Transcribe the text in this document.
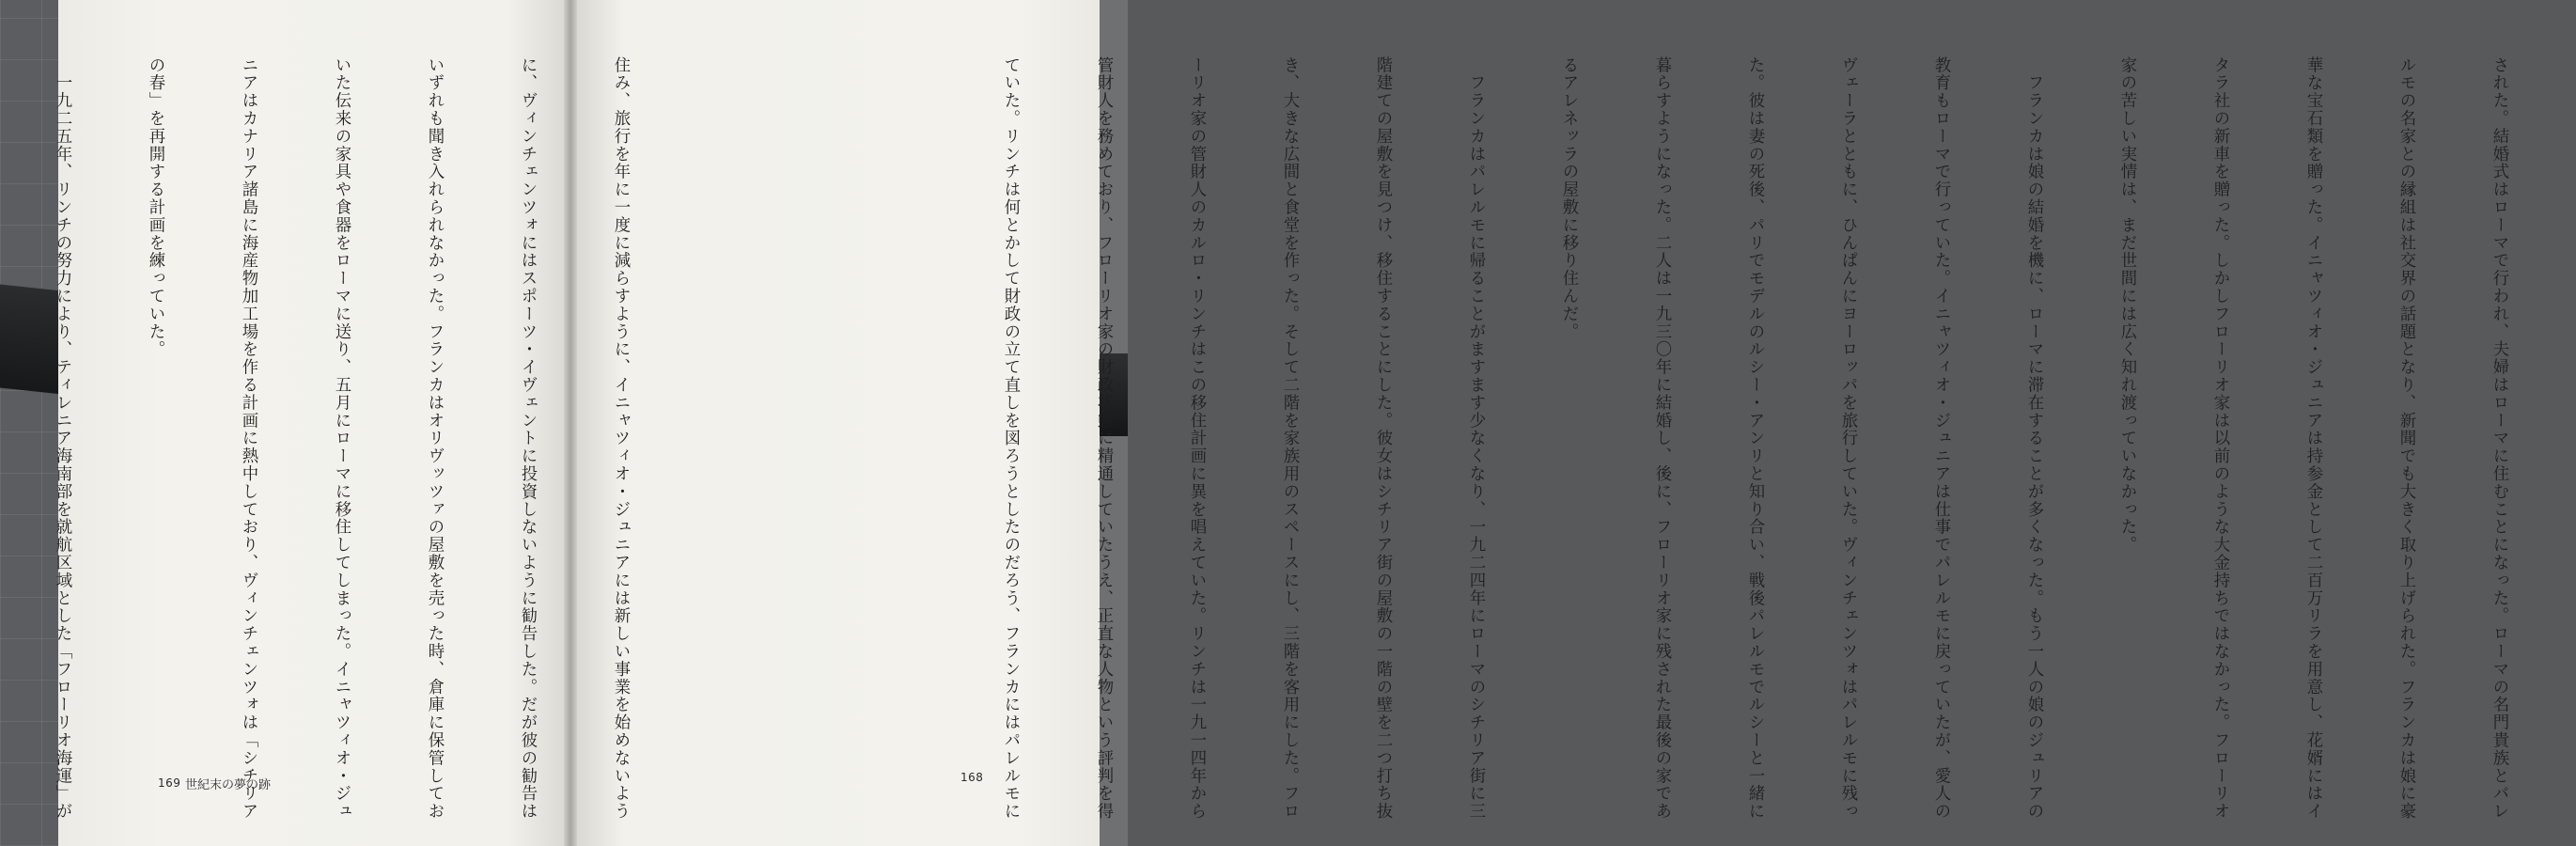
された。結婚式はローマで行われ、夫婦はローマに住むことになった。ローマの名門貴族とパレ

ルモの名家との縁組は社交界の話題となり、新聞でも大きく取り上げられた。フランカは娘に豪

華な宝石類を贈った。イニャツィオ・ジュニアは持参金として二百万リラを用意し、花婿にはイ

タラ社の新車を贈った。しかしフローリオ家は以前のような大金持ちではなかった。フローリオ

家の苦しい実情は、まだ世間には広く知れ渡っていなかった。

　フランカは娘の結婚を機に、ローマに滞在することが多くなった。もう一人の娘のジュリアの

教育もローマで行っていた。イニャツィオ・ジュニアは仕事でパレルモに戻っていたが、愛人の

ヴェーラとともに、ひんぱんにヨーロッパを旅行していた。ヴィンチェンツォはパレルモに残っ

た。彼は妻の死後、パリでモデルのルシー・アンリと知り合い、戦後パレルモでルシーと一緒に

暮らすようになった。二人は一九三〇年に結婚し、後に、フローリオ家に残された最後の家であ

るアレネッラの屋敷に移り住んだ。

　フランカはパレルモに帰ることがますます少なくなり、一九二四年にローマのシチリア街に三

階建ての屋敷を見つけ、移住することにした。彼女はシチリア街の屋敷の一階の壁を二つ打ち抜

き、大きな広間と食堂を作った。そして二階を家族用のスペースにし、三階を客用にした。フロ

ーリオ家の管財人のカルロ・リンチはこの移住計画に異を唱えていた。リンチは一九一四年から

管財人を務めており、フローリオ家の財政状態に精通していたうえ、正直な人物という評判を得

ていた。リンチは何とかして財政の立て直しを図ろうとしたのだろう、フランカにはパレルモに

住み、旅行を年に一度に減らすように、イニャツィオ・ジュニアには新しい事業を始めないよう

に、ヴィンチェンツォにはスポーツ・イヴェントに投資しないように勧告した。だが彼の勧告は

いずれも聞き入れられなかった。フランカはオリヴッツァの屋敷を売った時、倉庫に保管してお

いた伝来の家具や食器をローマに送り、五月にローマに移住してしまった。イニャツィオ・ジュ

ニアはカナリア諸島に海産物加工場を作る計画に熱中しており、ヴィンチェンツォは「シチリア

の春」を再開する計画を練っていた。

　一九二五年、リンチの努力により、ティレニア海南部を就航区域とした「フローリオ海運」が

	169 世紀末の夢の跡
168
